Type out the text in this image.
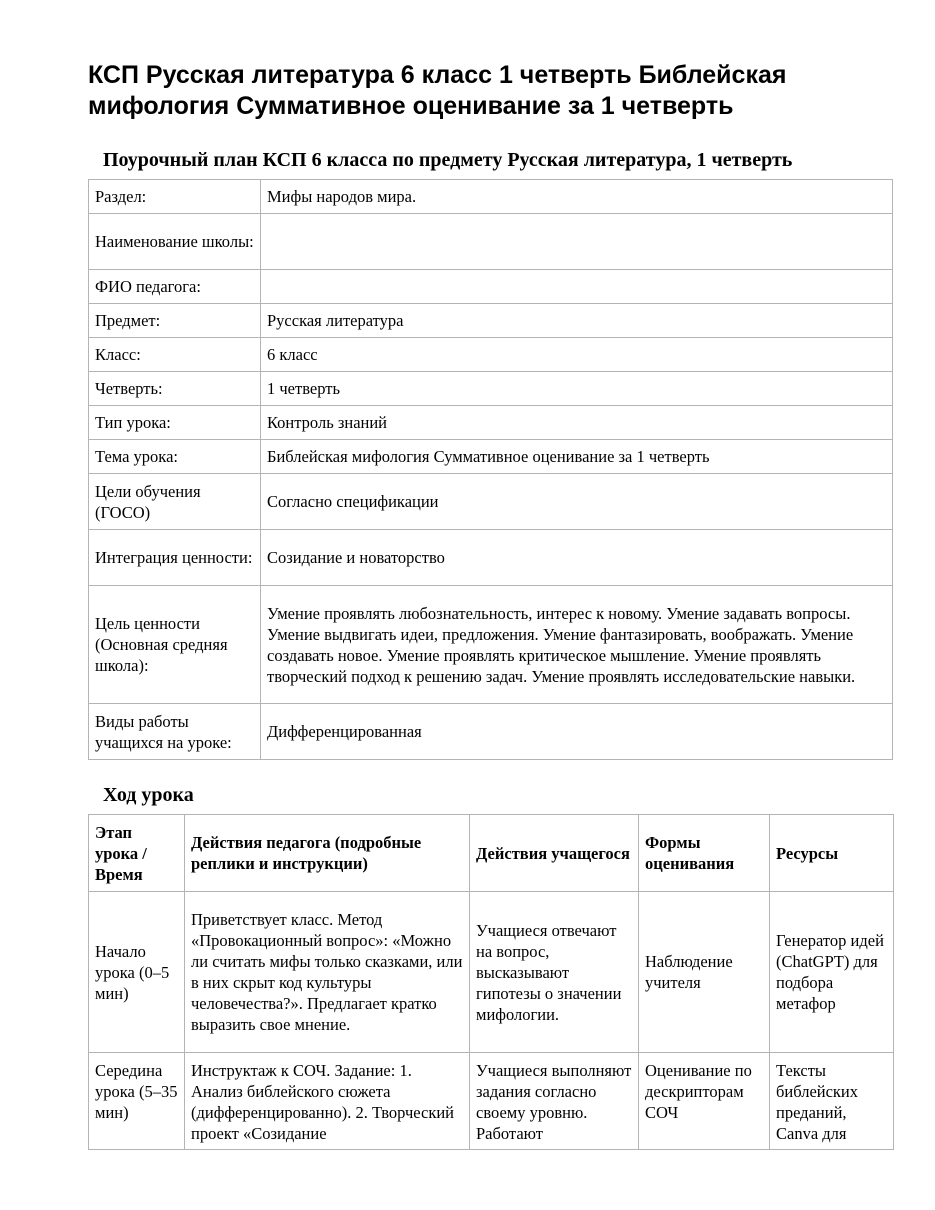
КСП Русская литература 6 класс 1 четверть Библейская мифология Суммативное оценивание за 1 четверть
Поурочный план КСП 6 класса по предмету Русская литература, 1 четверть
Раздел:	Мифы народов мира.
Наименование школы:	
ФИО педагога:	
Предмет:	Русская литература
Класс:	6 класс
Четверть:	1 четверть
Тип урока:	Контроль знаний
Тема урока:	Библейская мифология Суммативное оценивание за 1 четверть
Цели обучения (ГОСО)	Согласно спецификации
Интеграция ценности:	Созидание и новаторство
Цель ценности (Основная средняя школа):	Умение проявлять любознательность, интерес к новому. Умение задавать вопросы. Умение выдвигать идеи, предложения. Умение фантазировать, воображать. Умение создавать новое. Умение проявлять критическое мышление. Умение проявлять творческий подход к решению задач. Умение проявлять исследовательские навыки.
Виды работы учащихся на уроке:	Дифференцированная
Ход урока
Этап урока / Время	Действия педагога (подробные реплики и инструкции)	Действия учащегося	Формы оценивания	Ресурсы
Начало урока (0–5 мин)	Приветствует класс. Метод «Провокационный вопрос»: «Можно ли считать мифы только сказками, или в них скрыт код культуры человечества?». Предлагает кратко выразить свое мнение.	Учащиеся отвечают на вопрос, высказывают гипотезы о значении мифологии.	Наблюдение учителя	Генератор идей (ChatGPT) для подбора метафор
Середина урока (5–35 мин)	Инструктаж к СОЧ. Задание: 1. Анализ библейского сюжета (дифференцированно). 2. Творческий проект «Созидание	Учащиеся выполняют задания согласно своему уровню. Работают	Оценивание по дескрипторам СОЧ	Тексты библейских преданий, Canva для
